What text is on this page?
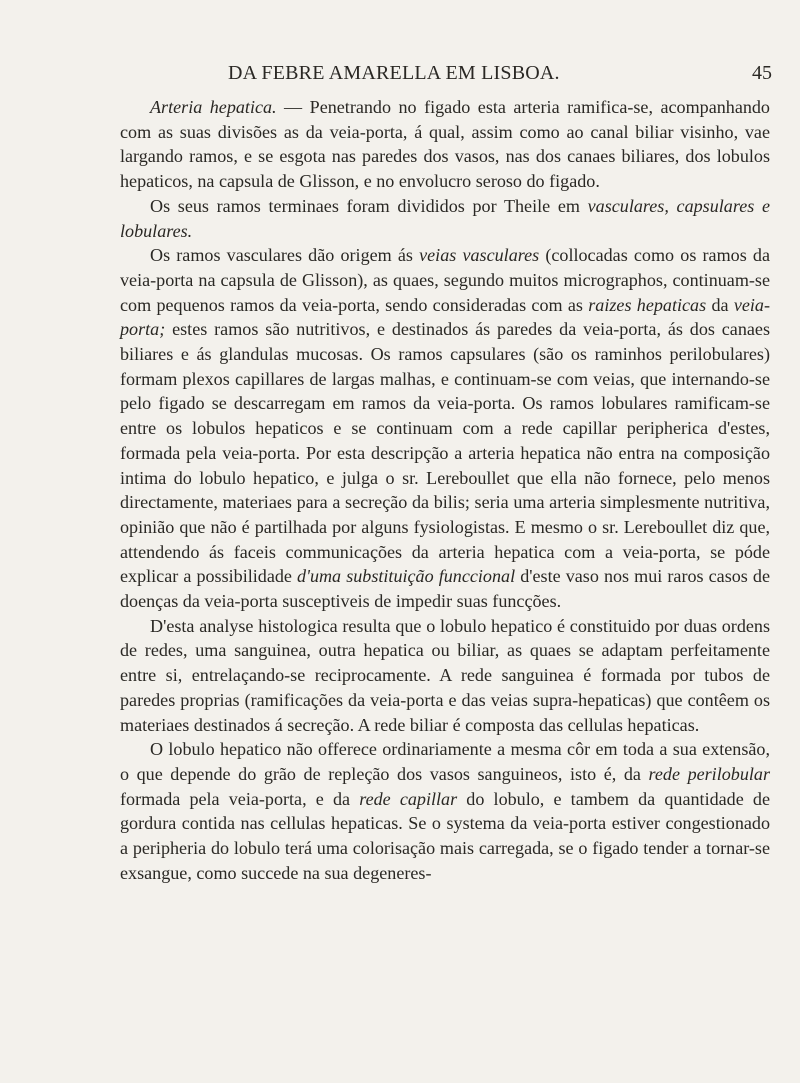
DA FEBRE AMARELLA EM LISBOA.	45

Arteria hepatica. — Penetrando no figado esta arteria ramifica-se, acompanhando com as suas divisões as da veia-porta, á qual, assim como ao canal biliar visinho, vae largando ramos, e se esgota nas paredes dos vasos, nas dos canaes biliares, dos lobulos hepaticos, na capsula de Glisson, e no envolucro seroso do figado.

Os seus ramos terminaes foram divididos por Theile em vasculares, capsulares e lobulares.

Os ramos vasculares dão origem ás veias vasculares (collocadas como os ramos da veia-porta na capsula de Glisson), as quaes, segundo muitos micrographos, continuam-se com pequenos ramos da veia-porta, sendo consideradas com as raizes hepaticas da veia-porta; estes ramos são nutritivos, e destinados ás paredes da veia-porta, ás dos canaes biliares e ás glandulas mucosas. Os ramos capsulares (são os raminhos perilobulares) formam plexos capillares de largas malhas, e continuam-se com veias, que internando-se pelo figado se descarregam em ramos da veia-porta. Os ramos lobulares ramificam-se entre os lobulos hepaticos e se continuam com a rede capillar peripherica d'estes, formada pela veia-porta. Por esta descripção a arteria hepatica não entra na composição intima do lobulo hepatico, e julga o sr. Lereboullet que ella não fornece, pelo menos directamente, materiaes para a secreção da bilis; seria uma arteria simplesmente nutritiva, opinião que não é partilhada por alguns fysiologistas. E mesmo o sr. Lereboullet diz que, attendendo ás faceis communicações da arteria hepatica com a veia-porta, se póde explicar a possibilidade d'uma substituição funccional d'este vaso nos mui raros casos de doenças da veia-porta susceptiveis de impedir suas funcções.

D'esta analyse histologica resulta que o lobulo hepatico é constituido por duas ordens de redes, uma sanguinea, outra hepatica ou biliar, as quaes se adaptam perfeitamente entre si, entrelaçando-se reciprocamente. A rede sanguinea é formada por tubos de paredes proprias (ramificações da veia-porta e das veias supra-hepaticas) que contêem os materiaes destinados á secreção. A rede biliar é composta das cellulas hepaticas.

O lobulo hepatico não offerece ordinariamente a mesma côr em toda a sua extensão, o que depende do grão de repleção dos vasos sanguineos, isto é, da rede perilobular formada pela veia-porta, e da rede capillar do lobulo, e tambem da quantidade de gordura contida nas cellulas hepaticas. Se o systema da veia-porta estiver congestionado a peripheria do lobulo terá uma colorisação mais carregada, se o figado tender a tornar-se exsangue, como succede na sua degeneres-
